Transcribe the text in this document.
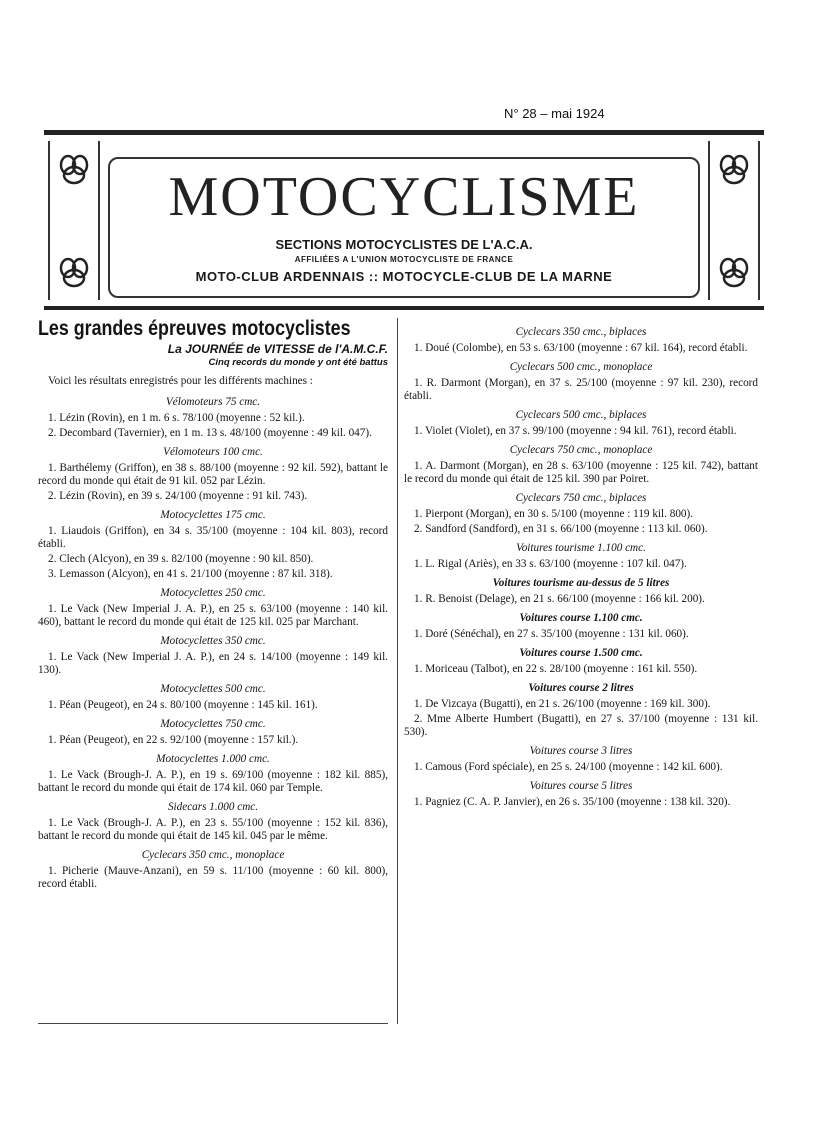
N° 28 – mai 1924
MOTOCYCLISME
SECTIONS MOTOCYCLISTES DE L'A.C.A.
AFFILIÉES A L'UNION MOTOCYCLISTE DE FRANCE
MOTO-CLUB ARDENNAIS :: MOTOCYCLE-CLUB DE LA MARNE
Les grandes épreuves motocyclistes
La JOURNÉE de VITESSE de l'A.M.C.F.
Cinq records du monde y ont été battus
Voici les résultats enregistrés pour les différents machines :
Vélomoteurs 75 cmc.
1. Lézin (Rovin), en 1 m. 6 s. 78/100 (moyenne : 52 kil.).
2. Decombard (Tavernier), en 1 m. 13 s. 48/100 (moyenne : 49 kil. 047).
Vélomoteurs 100 cmc.
1. Barthélemy (Griffon), en 38 s. 88/100 (moyenne : 92 kil. 592), battant le record du monde qui était de 91 kil. 052 par Lézin.
2. Lézin (Rovin), en 39 s. 24/100 (moyenne : 91 kil. 743).
Motocyclettes 175 cmc.
1. Liaudois (Griffon), en 34 s. 35/100 (moyenne : 104 kil. 803), record établi.
2. Clech (Alcyon), en 39 s. 82/100 (moyenne : 90 kil. 850).
3. Lemasson (Alcyon), en 41 s. 21/100 (moyenne : 87 kil. 318).
Motocyclettes 250 cmc.
1. Le Vack (New Imperial J. A. P.), en 25 s. 63/100 (moyenne : 140 kil. 460), battant le record du monde qui était de 125 kil. 025 par Marchant.
Motocyclettes 350 cmc.
1. Le Vack (New Imperial J. A. P.), en 24 s. 14/100 (moyenne : 149 kil. 130).
Motocyclettes 500 cmc.
1. Péan (Peugeot), en 24 s. 80/100 (moyenne : 145 kil. 161).
Motocyclettes 750 cmc.
1. Péan (Peugeot), en 22 s. 92/100 (moyenne : 157 kil.).
Motocyclettes 1.000 cmc.
1. Le Vack (Brough-J. A. P.), en 19 s. 69/100 (moyenne : 182 kil. 885), battant le record du monde qui était de 174 kil. 060 par Temple.
Sidecars 1.000 cmc.
1. Le Vack (Brough-J. A. P.), en 23 s. 55/100 (moyenne : 152 kil. 836), battant le record du monde qui était de 145 kil. 045 par le même.
Cyclecars 350 cmc., monoplace
1. Picherie (Mauve-Anzani), en 59 s. 11/100 (moyenne : 60 kil. 800), record établi.
Cyclecars 350 cmc., biplaces
1. Doué (Colombe), en 53 s. 63/100 (moyenne : 67 kil. 164), record établi.
Cyclecars 500 cmc., monoplace
1. R. Darmont (Morgan), en 37 s. 25/100 (moyenne : 97 kil. 230), record établi.
Cyclecars 500 cmc., biplaces
1. Violet (Violet), en 37 s. 99/100 (moyenne : 94 kil. 761), record établi.
Cyclecars 750 cmc., monoplace
1. A. Darmont (Morgan), en 28 s. 63/100 (moyenne : 125 kil. 742), battant le record du monde qui était de 125 kil. 390 par Poiret.
Cyclecars 750 cmc., biplaces
1. Pierpont (Morgan), en 30 s. 5/100 (moyenne : 119 kil. 800).
2. Sandford (Sandford), en 31 s. 66/100 (moyenne : 113 kil. 060).
Voitures tourisme 1.100 cmc.
1. L. Rigal (Ariès), en 33 s. 63/100 (moyenne : 107 kil. 047).
Voitures tourisme au-dessus de 5 litres
1. R. Benoist (Delage), en 21 s. 66/100 (moyenne : 166 kil. 200).
Voitures course 1.100 cmc.
1. Doré (Sénéchal), en 27 s. 35/100 (moyenne : 131 kil. 060).
Voitures course 1.500 cmc.
1. Moriceau (Talbot), en 22 s. 28/100 (moyenne : 161 kil. 550).
Voitures course 2 litres
1. De Vizcaya (Bugatti), en 21 s. 26/100 (moyenne : 169 kil. 300).
2. Mme Alberte Humbert (Bugatti), en 27 s. 37/100 (moyenne : 131 kil. 530).
Voitures course 3 litres
1. Camous (Ford spéciale), en 25 s. 24/100 (moyenne : 142 kil. 600).
Voitures course 5 litres
1. Pagniez (C. A. P. Janvier), en 26 s. 35/100 (moyenne : 138 kil. 320).
